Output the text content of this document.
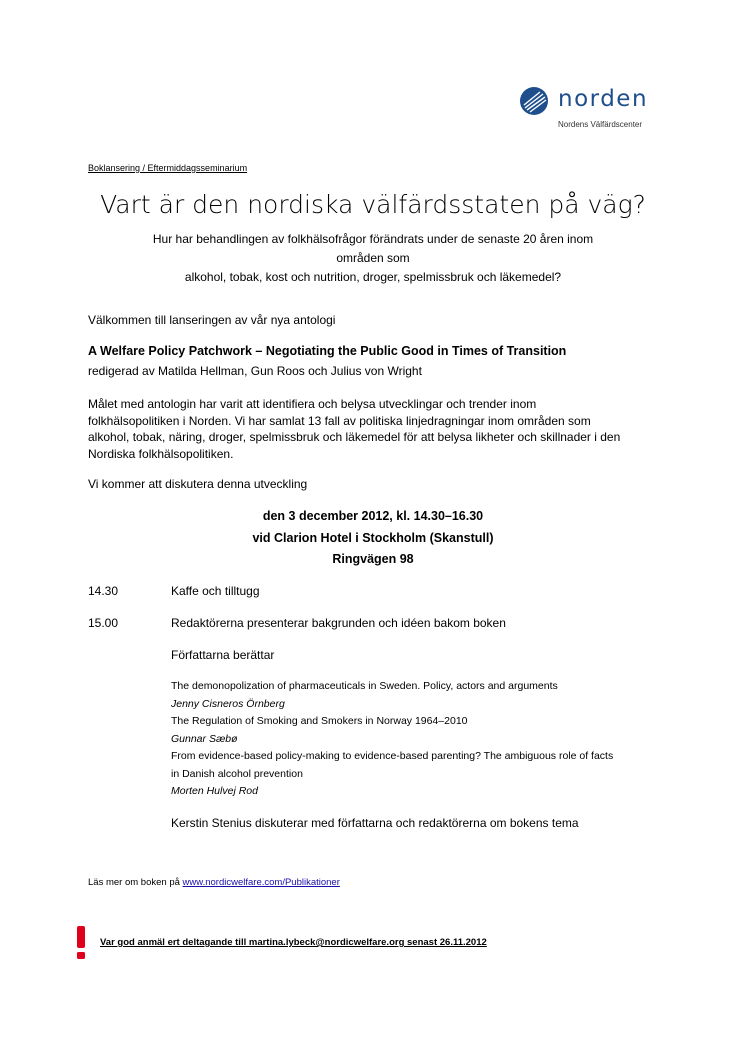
norden
Nordens Välfärdscenter
Boklansering / Eftermiddagsseminarium
Vart är den nordiska välfärdsstaten på väg?
Hur har behandlingen av folkhälsofrågor förändrats under de senaste 20 åren inom områden som
alkohol, tobak, kost och nutrition, droger, spelmissbruk och läkemedel?
Välkommen till lanseringen av vår nya antologi
A Welfare Policy Patchwork – Negotiating the Public Good in Times of Transition
redigerad av Matilda Hellman, Gun Roos och Julius von Wright
Målet med antologin har varit att identifiera och belysa utvecklingar och trender inom
folkhälsopolitiken i Norden. Vi har samlat 13 fall av politiska linjedragningar inom områden som
alkohol, tobak, näring, droger, spelmissbruk och läkemedel för att belysa likheter och skillnader i den
Nordiska folkhälsopolitiken.
Vi kommer att diskutera denna utveckling
den 3 december 2012, kl. 14.30–16.30
vid Clarion Hotel i Stockholm (Skanstull)
Ringvägen 98
14.30	Kaffe och tilltugg
15.00	Redaktörerna presenterar bakgrunden och idéen bakom boken
Författarna berättar
The demonopolization of pharmaceuticals in Sweden. Policy, actors and arguments
Jenny Cisneros Örnberg
The Regulation of Smoking and Smokers in Norway 1964–2010
Gunnar Sæbø
From evidence-based policy-making to evidence-based parenting? The ambiguous role of facts
in Danish alcohol prevention
Morten Hulvej Rod
Kerstin Stenius diskuterar med författarna och redaktörerna om bokens tema
Läs mer om boken på www.nordicwelfare.com/Publikationer
Var god anmäl ert deltagande till martina.lybeck@nordicwelfare.org senast 26.11.2012
